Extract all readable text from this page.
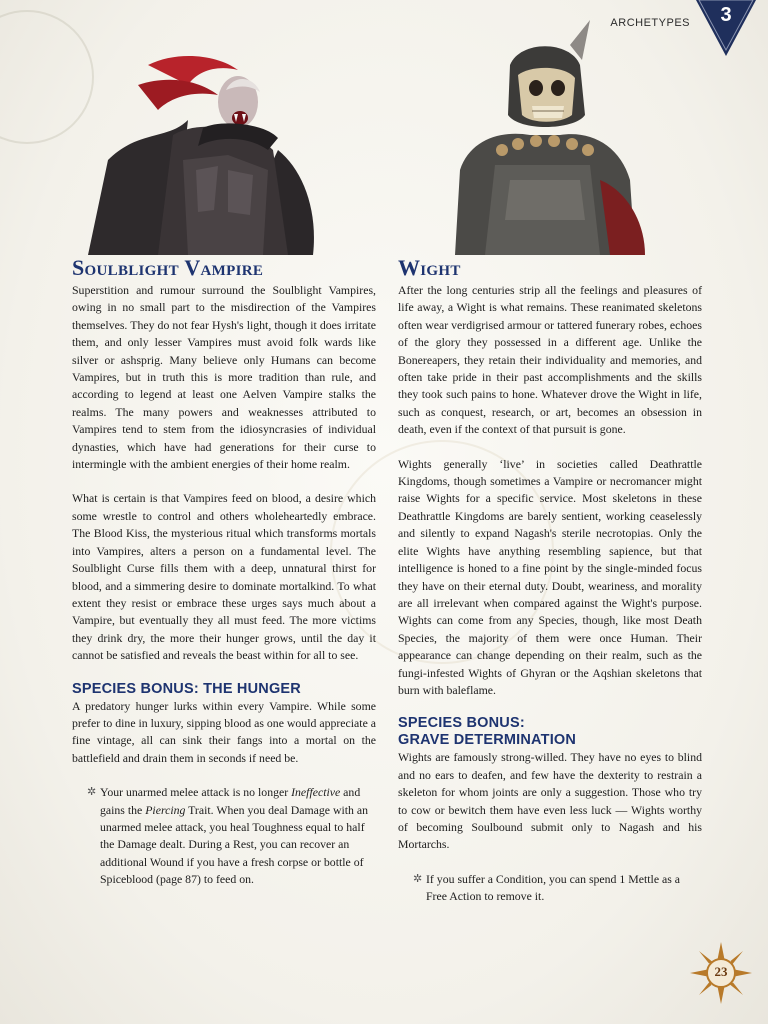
ARCHETYPES	3
Soulblight Vampire

Superstition and rumour surround the Soulblight Vampires, owing in no small part to the misdirection of the Vampires themselves. They do not fear Hysh's light, though it does irritate them, and only lesser Vampires must avoid folk wards like silver or ashsprig. Many believe only Humans can become Vampires, but in truth this is more tradition than rule, and according to legend at least one Aelven Vampire stalks the realms. The many powers and weaknesses attributed to Vampires tend to stem from the idiosyncrasies of individual dynasties, which have had generations for their curse to intermingle with the ambient energies of their home realm.

What is certain is that Vampires feed on blood, a desire which some wrestle to control and others wholeheartedly embrace. The Blood Kiss, the mysterious ritual which transforms mortals into Vampires, alters a person on a fundamental level. The Soulblight Curse fills them with a deep, unnatural thirst for blood, and a simmering desire to dominate mortalkind. To what extent they resist or embrace these urges says much about a Vampire, but eventually they all must feed. The more victims they drink dry, the more their hunger grows, until the day it cannot be satisfied and reveals the beast within for all to see.

SPECIES BONUS: THE HUNGER

A predatory hunger lurks within every Vampire. While some prefer to dine in luxury, sipping blood as one would appreciate a fine vintage, all can sink their fangs into a mortal on the battlefield and drain them in seconds if need be.

✲ Your unarmed melee attack is no longer Ineffective and gains the Piercing Trait. When you deal Damage with an unarmed melee attack, you heal Toughness equal to half the Damage dealt. During a Rest, you can recover an additional Wound if you have a fresh corpse or bottle of Spiceblood (page 87) to feed on.
Wight

After the long centuries strip all the feelings and pleasures of life away, a Wight is what remains. These reanimated skeletons often wear verdigrised armour or tattered funerary robes, echoes of the glory they possessed in a different age. Unlike the Bonereapers, they retain their individuality and memories, and often take pride in their past accomplishments and the skills they took such pains to hone. Whatever drove the Wight in life, such as conquest, research, or art, becomes an obsession in death, even if the context of that pursuit is gone.

Wights generally ‘live’ in societies called Deathrattle Kingdoms, though sometimes a Vampire or necromancer might raise Wights for a specific service. Most skeletons in these Deathrattle Kingdoms are barely sentient, working ceaselessly and silently to expand Nagash's sterile necrotopias. Only the elite Wights have anything resembling sapience, but that intelligence is honed to a fine point by the single-minded focus they have on their eternal duty. Doubt, weariness, and morality are all irrelevant when compared against the Wight's purpose. Wights can come from any Species, though, like most Death Species, the majority of them were once Human. Their appearance can change depending on their realm, such as the fungi-infested Wights of Ghyran or the Aqshian skeletons that burn with baleflame.

SPECIES BONUS:
GRAVE DETERMINATION

Wights are famously strong-willed. They have no eyes to blind and no ears to deafen, and few have the dexterity to restrain a skeleton for whom joints are only a suggestion. Those who try to cow or bewitch them have even less luck — Wights worthy of becoming Soulbound submit only to Nagash and his Mortarchs.

✲ If you suffer a Condition, you can spend 1 Mettle as a Free Action to remove it.
23
